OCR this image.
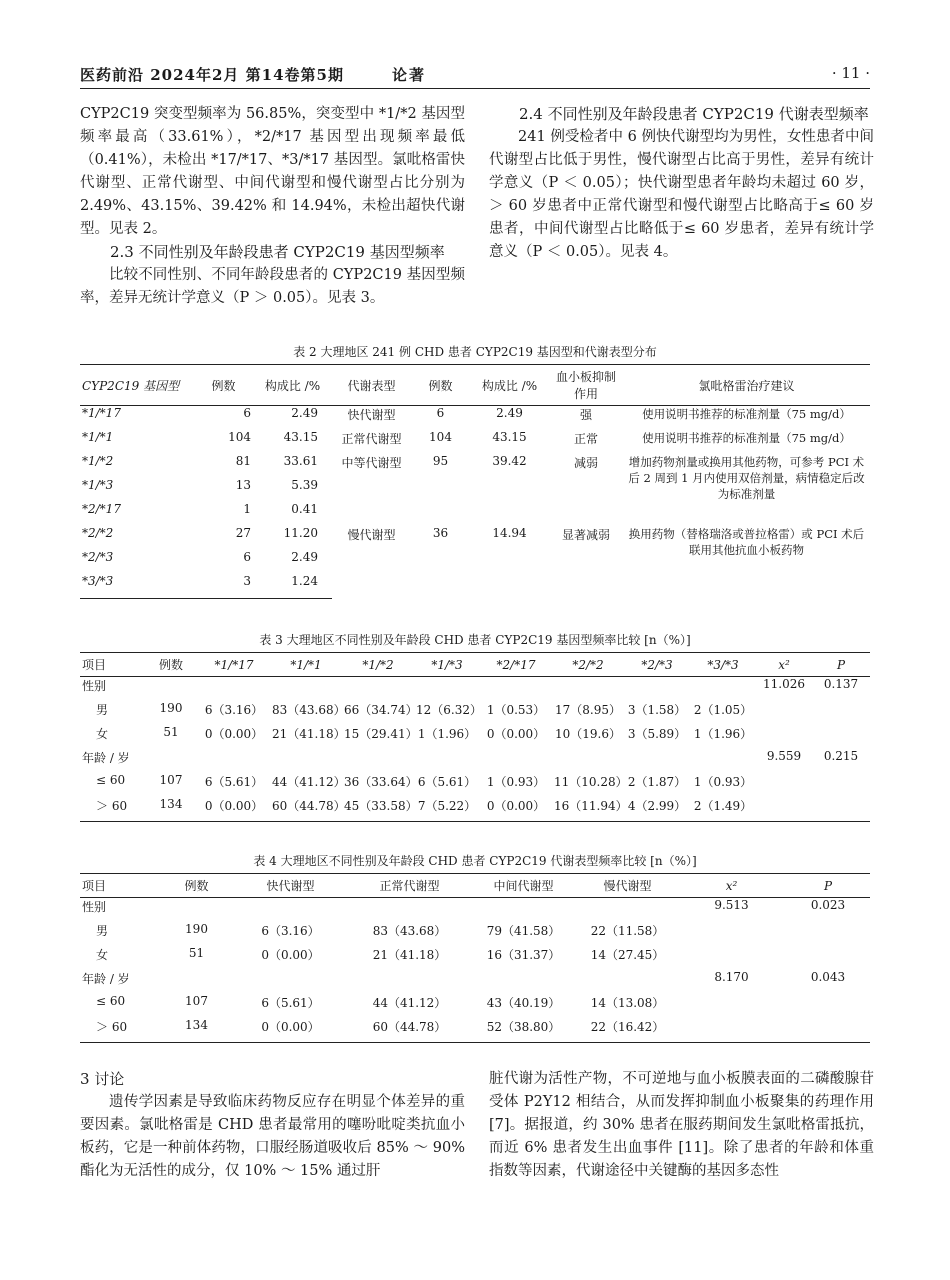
医药前沿 2024年2月 第14卷第5期	论著	· 11 ·

CYP2C19 突变型频率为 56.85%，突变型中 *1/*2 基因型频率最高（33.61%），*2/*17 基因型出现频率最低（0.41%），未检出 *17/*17、*3/*17 基因型。氯吡格雷快代谢型、正常代谢型、中间代谢型和慢代谢型占比分别为 2.49%、43.15%、39.42% 和 14.94%，未检出超快代谢型。见表 2。

2.3 不同性别及年龄段患者 CYP2C19 基因型频率

比较不同性别、不同年龄段患者的 CYP2C19 基因型频率，差异无统计学意义（P ＞ 0.05）。见表 3。

2.4 不同性别及年龄段患者 CYP2C19 代谢表型频率

241 例受检者中 6 例快代谢型均为男性，女性患者中间代谢型占比低于男性，慢代谢型占比高于男性，差异有统计学意义（P ＜ 0.05）；快代谢型患者年龄均未超过 60 岁，＞ 60 岁患者中正常代谢型和慢代谢型占比略高于≤ 60 岁患者，中间代谢型占比略低于≤ 60 岁患者，差异有统计学意义（P ＜ 0.05）。见表 4。

表 2 大理地区 241 例 CHD 患者 CYP2C19 基因型和代谢表型分布
CYP2C19 基因型	例数	构成比 /%	代谢表型	例数	构成比 /%	血小板抑制作用	氯吡格雷治疗建议
*1/*17	6	2.49	快代谢型	6	2.49	强	使用说明书推荐的标准剂量（75 mg/d）
*1/*1	104	43.15	正常代谢型	104	43.15	正常	使用说明书推荐的标准剂量（75 mg/d）
*1/*2	81	33.61	中等代谢型	95	39.42	减弱	增加药物剂量或换用其他药物，可参考 PCI 术后 2 周到 1 月内使用双倍剂量，病情稳定后改为标准剂量
*1/*3	13	5.39					
*2/*17	1	0.41					
*2/*2	27	11.20	慢代谢型	36	14.94	显著减弱	换用药物（替格瑞洛或普拉格雷）或 PCI 术后联用其他抗血小板药物
*2/*3	6	2.49					
*3/*3	3	1.24					
表 3 大理地区不同性别及年龄段 CHD 患者 CYP2C19 基因型频率比较 [n（%）]
项目	例数	*1/*17	*1/*1	*1/*2	*1/*3	*2/*17	*2/*2	*2/*3	*3/*3	x²	P
性别										11.026	0.137
男	190	6（3.16）	83（43.68）	66（34.74）	12（6.32）	1（0.53）	17（8.95）	3（1.58）	2（1.05）		
女	51	0（0.00）	21（41.18）	15（29.41）	1（1.96）	0（0.00）	10（19.6）	3（5.89）	1（1.96）		
年龄 / 岁										9.559	0.215
≤ 60	107	6（5.61）	44（41.12）	36（33.64）	6（5.61）	1（0.93）	11（10.28）	2（1.87）	1（0.93）		
＞ 60	134	0（0.00）	60（44.78）	45（33.58）	7（5.22）	0（0.00）	16（11.94）	4（2.99）	2（1.49）		
表 4 大理地区不同性别及年龄段 CHD 患者 CYP2C19 代谢表型频率比较 [n（%）]
项目	例数	快代谢型	正常代谢型	中间代谢型	慢代谢型	x²	P
性别						9.513	0.023
男	190	6（3.16）	83（43.68）	79（41.58）	22（11.58）		
女	51	0（0.00）	21（41.18）	16（31.37）	14（27.45）		
年龄 / 岁						8.170	0.043
≤ 60	107	6（5.61）	44（41.12）	43（40.19）	14（13.08）		
＞ 60	134	0（0.00）	60（44.78）	52（38.80）	22（16.42）		

3 讨论

遗传学因素是导致临床药物反应存在明显个体差异的重要因素。氯吡格雷是 CHD 患者最常用的噻吩吡啶类抗血小板药，它是一种前体药物，口服经肠道吸收后 85% ～ 90% 酯化为无活性的成分，仅 10% ～ 15% 通过肝

脏代谢为活性产物，不可逆地与血小板膜表面的二磷酸腺苷受体 P2Y12 相结合，从而发挥抑制血小板聚集的药理作用 [7]。据报道，约 30% 患者在服药期间发生氯吡格雷抵抗，而近 6% 患者发生出血事件 [11]。除了患者的年龄和体重指数等因素，代谢途径中关键酶的基因多态性
